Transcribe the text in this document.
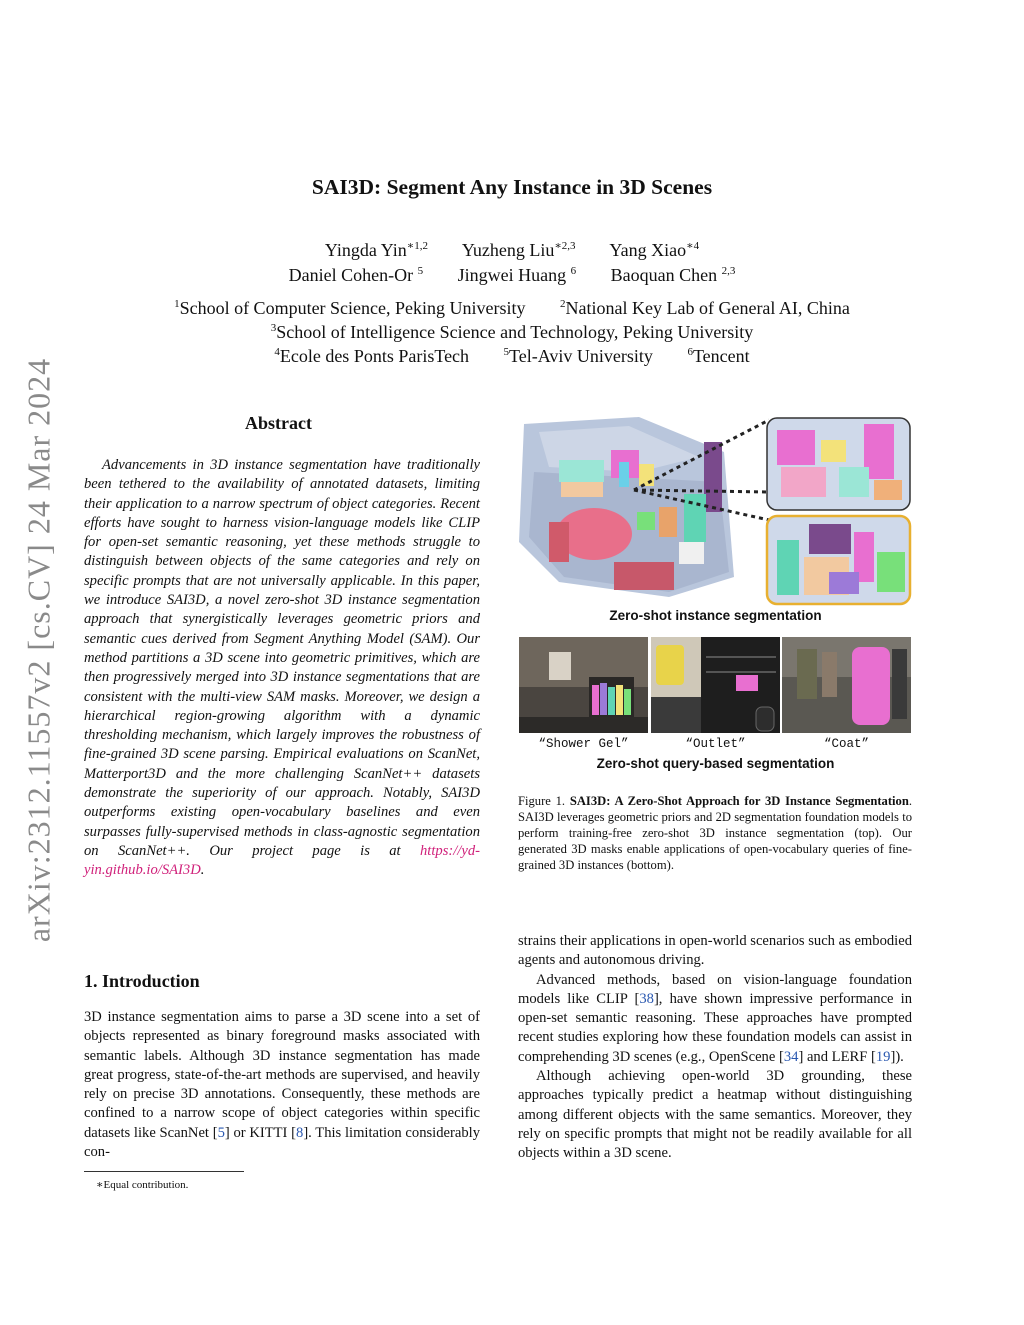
arXiv:2312.11557v2 [cs.CV] 24 Mar 2024
SAI3D: Segment Any Instance in 3D Scenes
Yingda Yin$^{∗1,2}$ Yuzheng Liu$^{∗2,3}$ Yang Xiao$^{∗4}$
Daniel Cohen-Or $^5$ Jingwei Huang $^6$ Baoquan Chen $^{2,3}$
$^1$School of Computer Science, Peking University	$^2$National Key Lab of General AI, China
$^3$School of Intelligence Science and Technology, Peking University
$^4$Ecole des Ponts ParisTech	$^5$Tel-Aviv University	$^6$Tencent
Abstract

Advancements in 3D instance segmentation have traditionally been tethered to the availability of annotated datasets, limiting their application to a narrow spectrum of object categories. Recent efforts have sought to harness vision-language models like CLIP for open-set semantic reasoning, yet these methods struggle to distinguish between objects of the same categories and rely on specific prompts that are not universally applicable. In this paper, we introduce SAI3D, a novel zero-shot 3D instance segmentation approach that synergistically leverages geometric priors and semantic cues derived from Segment Anything Model (SAM). Our method partitions a 3D scene into geometric primitives, which are then progressively merged into 3D instance segmentations that are consistent with the multi-view SAM masks. Moreover, we design a hierarchical region-growing algorithm with a dynamic thresholding mechanism, which largely improves the robustness of fine-grained 3D scene parsing. Empirical evaluations on ScanNet, Matterport3D and the more challenging ScanNet++ datasets demonstrate the superiority of our approach. Notably, SAI3D outperforms existing open-vocabulary baselines and even surpasses fully-supervised methods in class-agnostic segmentation on ScanNet++. Our project page is at https://yd-yin.github.io/SAI3D.

1. Introduction

3D instance segmentation aims to parse a 3D scene into a set of objects represented as binary foreground masks associated with semantic labels. Although 3D instance segmentation has made great progress, state-of-the-art methods are supervised, and heavily rely on precise 3D annotations. Consequently, these methods are confined to a narrow scope of object categories within specific datasets like ScanNet [5] or KITTI [8]. This limitation considerably con-

∗Equal contribution.
Zero-shot instance segmentation
“Shower Gel”	“Outlet”	“Coat”
Zero-shot query-based segmentation
Figure 1. SAI3D: A Zero-Shot Approach for 3D Instance Segmentation. SAI3D leverages geometric priors and 2D segmentation foundation models to perform training-free zero-shot 3D instance segmentation (top). Our generated 3D masks enable applications of open-vocabulary queries of fine-grained 3D instances (bottom).

strains their applications in open-world scenarios such as embodied agents and autonomous driving.

Advanced methods, based on vision-language foundation models like CLIP [38], have shown impressive performance in open-set semantic reasoning. These approaches have prompted recent studies exploring how these foundation models can assist in comprehending 3D scenes (e.g., OpenScene [34] and LERF [19]).

Although achieving open-world 3D grounding, these approaches typically predict a heatmap without distinguishing among different objects with the same semantics. Moreover, they rely on specific prompts that might not be readily available for all objects within a 3D scene.
